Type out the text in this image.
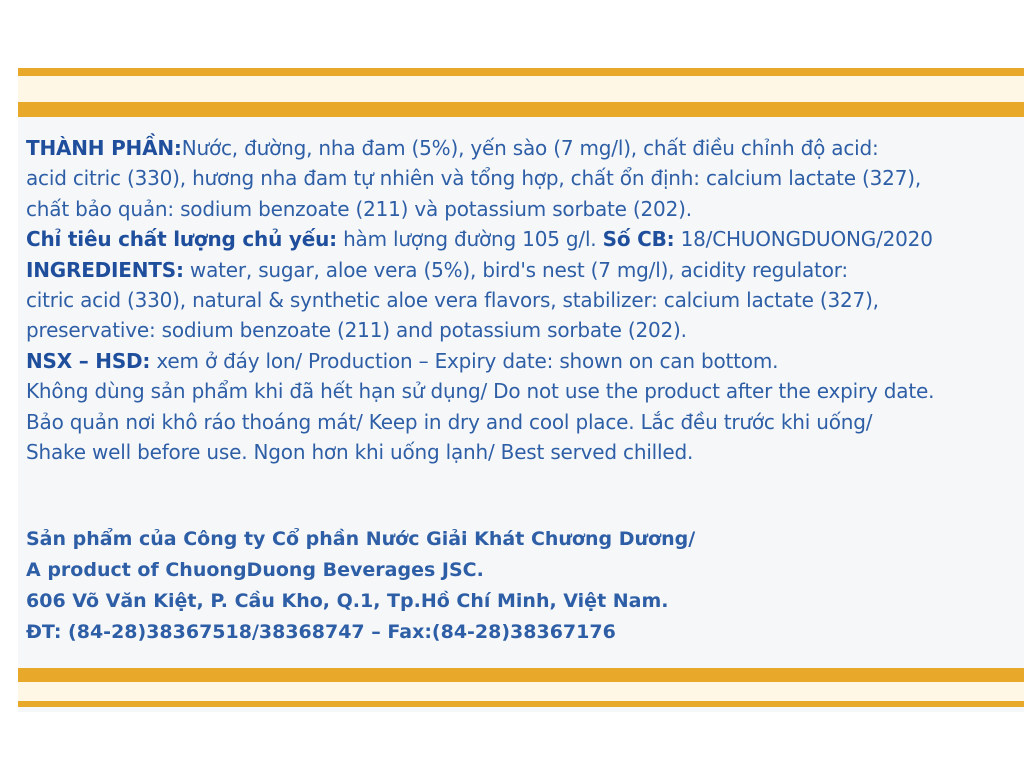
THÀNH PHẦN:Nước, đường, nha đam (5%), yến sào (7 mg/l), chất điều chỉnh độ acid:
acid citric (330), hương nha đam tự nhiên và tổng hợp, chất ổn định: calcium lactate (327),
chất bảo quản: sodium benzoate (211) và potassium sorbate (202).
Chỉ tiêu chất lượng chủ yếu: hàm lượng đường 105 g/l. Số CB: 18/CHUONGDUONG/2020
INGREDIENTS: water, sugar, aloe vera (5%), bird's nest (7 mg/l), acidity regulator:
citric acid (330), natural & synthetic aloe vera flavors, stabilizer: calcium lactate (327),
preservative: sodium benzoate (211) and potassium sorbate (202).
NSX – HSD: xem ở đáy lon/ Production – Expiry date: shown on can bottom.
Không dùng sản phẩm khi đã hết hạn sử dụng/ Do not use the product after the expiry date.
Bảo quản nơi khô ráo thoáng mát/ Keep in dry and cool place. Lắc đều trước khi uống/
Shake well before use. Ngon hơn khi uống lạnh/ Best served chilled.
Sản phẩm của Công ty Cổ phần Nước Giải Khát Chương Dương/
A product of ChuongDuong Beverages JSC.
606 Võ Văn Kiệt, P. Cầu Kho, Q.1, Tp.Hồ Chí Minh, Việt Nam.
ĐT: (84-28)38367518/38368747 – Fax:(84-28)38367176
